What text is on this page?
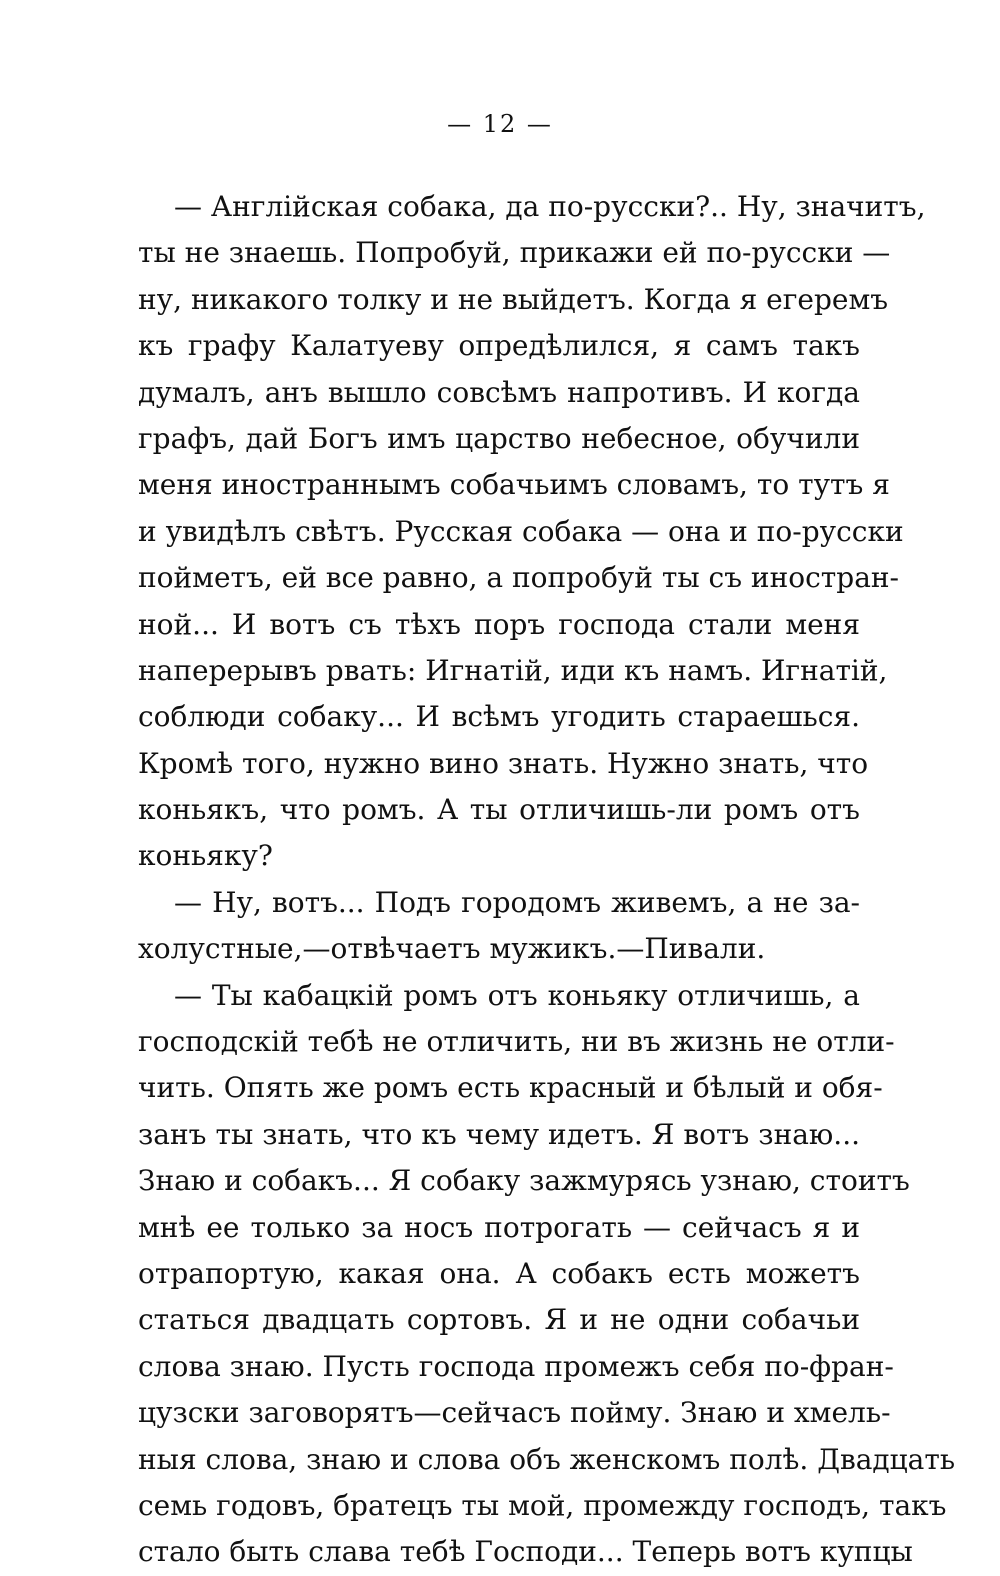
— 12 —
— Англійская собака, да по-русски?.. Ну, значитъ,
ты не знаешь. Попробуй, прикажи ей по-русски —
ну, никакого толку и не выйдетъ. Когда я егеремъ
къ графу Калатуеву опредѣлился, я самъ такъ
думалъ, анъ вышло совсѣмъ напротивъ. И когда
графъ, дай Богъ имъ царство небесное, обучили
меня иностраннымъ собачьимъ словамъ, то тутъ я
и увидѣлъ свѣтъ. Русская собака — она и по-русски
пойметъ, ей все равно, а попробуй ты съ иностран-
ной... И вотъ съ тѣхъ поръ господа стали меня
наперерывъ рвать: Игнатій, иди къ намъ. Игнатій,
соблюди собаку... И всѣмъ угодить стараешься.
Кромѣ того, нужно вино знать. Нужно знать, что
коньякъ, что ромъ. А ты отличишь-ли ромъ отъ
коньяку?
— Ну, вотъ... Подъ городомъ живемъ, а не за-
холустные,—отвѣчаетъ мужикъ.—Пивали.
— Ты кабацкій ромъ отъ коньяку отличишь, а
господскій тебѣ не отличить, ни въ жизнь не отли-
чить. Опять же ромъ есть красный и бѣлый и обя-
занъ ты знать, что къ чему идетъ. Я вотъ знаю...
Знаю и собакъ... Я собаку зажмурясь узнаю, стоитъ
мнѣ ее только за носъ потрогать — сейчасъ я и
отрапортую, какая она. А собакъ есть можетъ
статься двадцать сортовъ. Я и не одни собачьи
слова знаю. Пусть господа промежъ себя по-фран-
цузски заговорятъ—сейчасъ пойму. Знаю и хмель-
ныя слова, знаю и слова объ женскомъ полѣ. Двадцать
семь годовъ, братецъ ты мой, промежду господъ, такъ
стало быть слава тебѣ Господи... Теперь вотъ купцы
